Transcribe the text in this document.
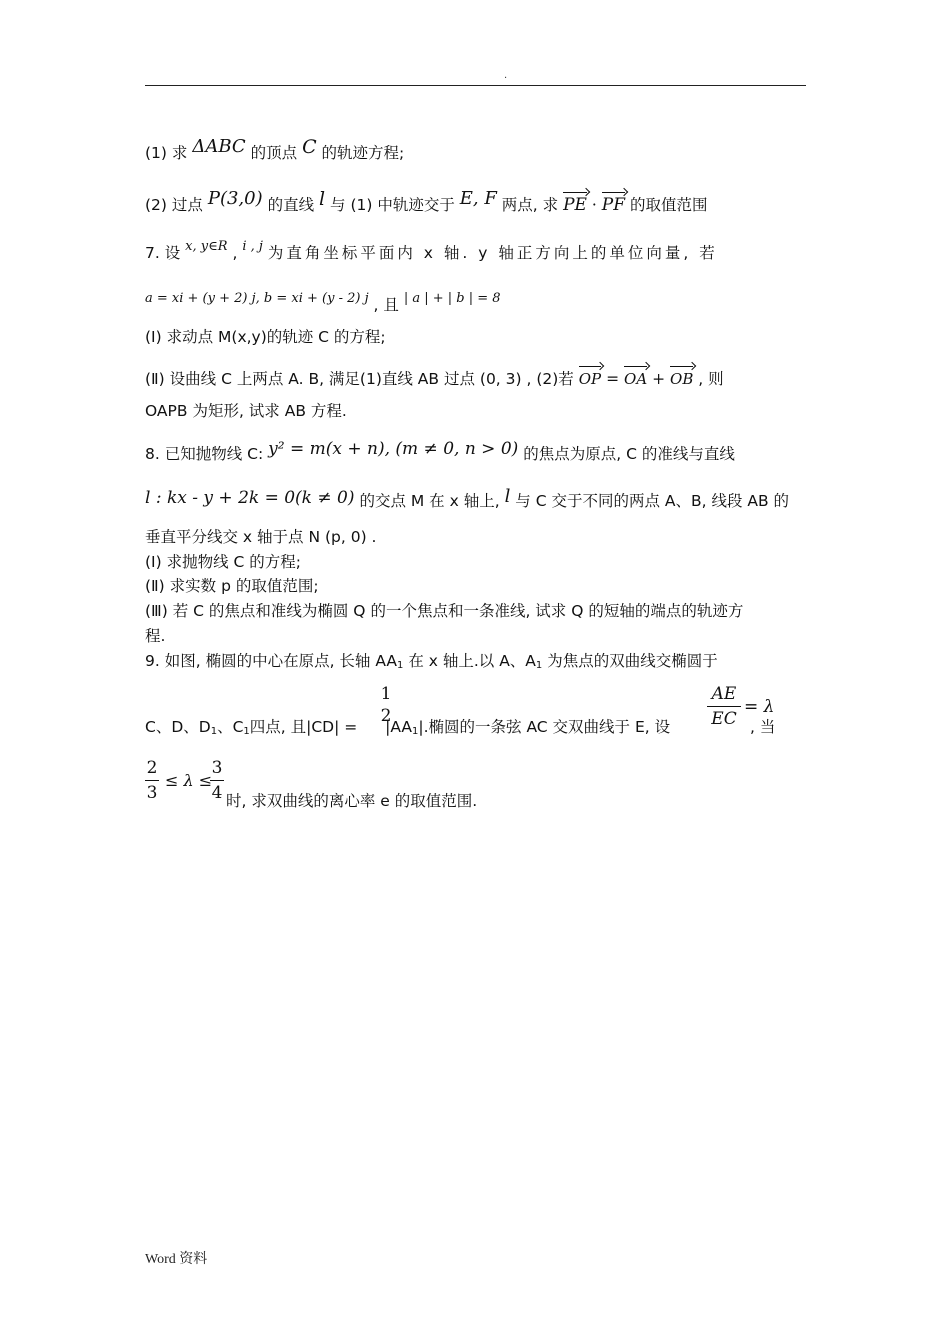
.
(1) 求 ΔABC 的顶点 C 的轨迹方程;
(2) 过点 P(3,0) 的直线 l 与 (1) 中轨迹交于 E, F 两点, 求 PE · PF 的取值范围
7. 设 $^{x, y\in R}$ , $^{i , j}$ 为直角坐标平面内 x 轴. y 轴正方向上的单位向量, 若
a = xi + (y + 2) j, b = xi + (y - 2) j , 且 | a | + | b | = 8
(Ⅰ) 求动点 M(x,y)的轨迹 C 的方程;
(Ⅱ) 设曲线 C 上两点 A. B, 满足(1)直线 AB 过点 (0, 3) , (2)若 OP = OA + OB , 则
OAPB 为矩形, 试求 AB 方程.
8. 已知抛物线 C: y² = m(x + n), (m ≠ 0, n > 0) 的焦点为原点, C 的准线与直线
l : kx - y + 2k = 0(k ≠ 0) 的交点 M 在 x 轴上, l 与 C 交于不同的两点 A、B, 线段 AB 的
垂直平分线交 x 轴于点 N (p, 0) .
(Ⅰ) 求抛物线 C 的方程;
(Ⅱ) 求实数 p 的取值范围;
(Ⅲ) 若 C 的焦点和准线为椭圆 Q 的一个焦点和一条准线, 试求 Q 的短轴的端点的轨迹方
程.
9. 如图, 椭圆的中心在原点, 长轴 $AA_1$ 在 x 轴上.以 A、$A_1$ 为焦点的双曲线交椭圆于
C、D、$D_1$、$C_1$四点, 且$|CD| = |AA_1|$.椭圆的一条弦 AC 交双曲线于 E, 设	, 当
1
2
AE
EC
= λ
2
3
≤ λ ≤
3
4 时, 求双曲线的离心率 e 的取值范围.
Word 资料
